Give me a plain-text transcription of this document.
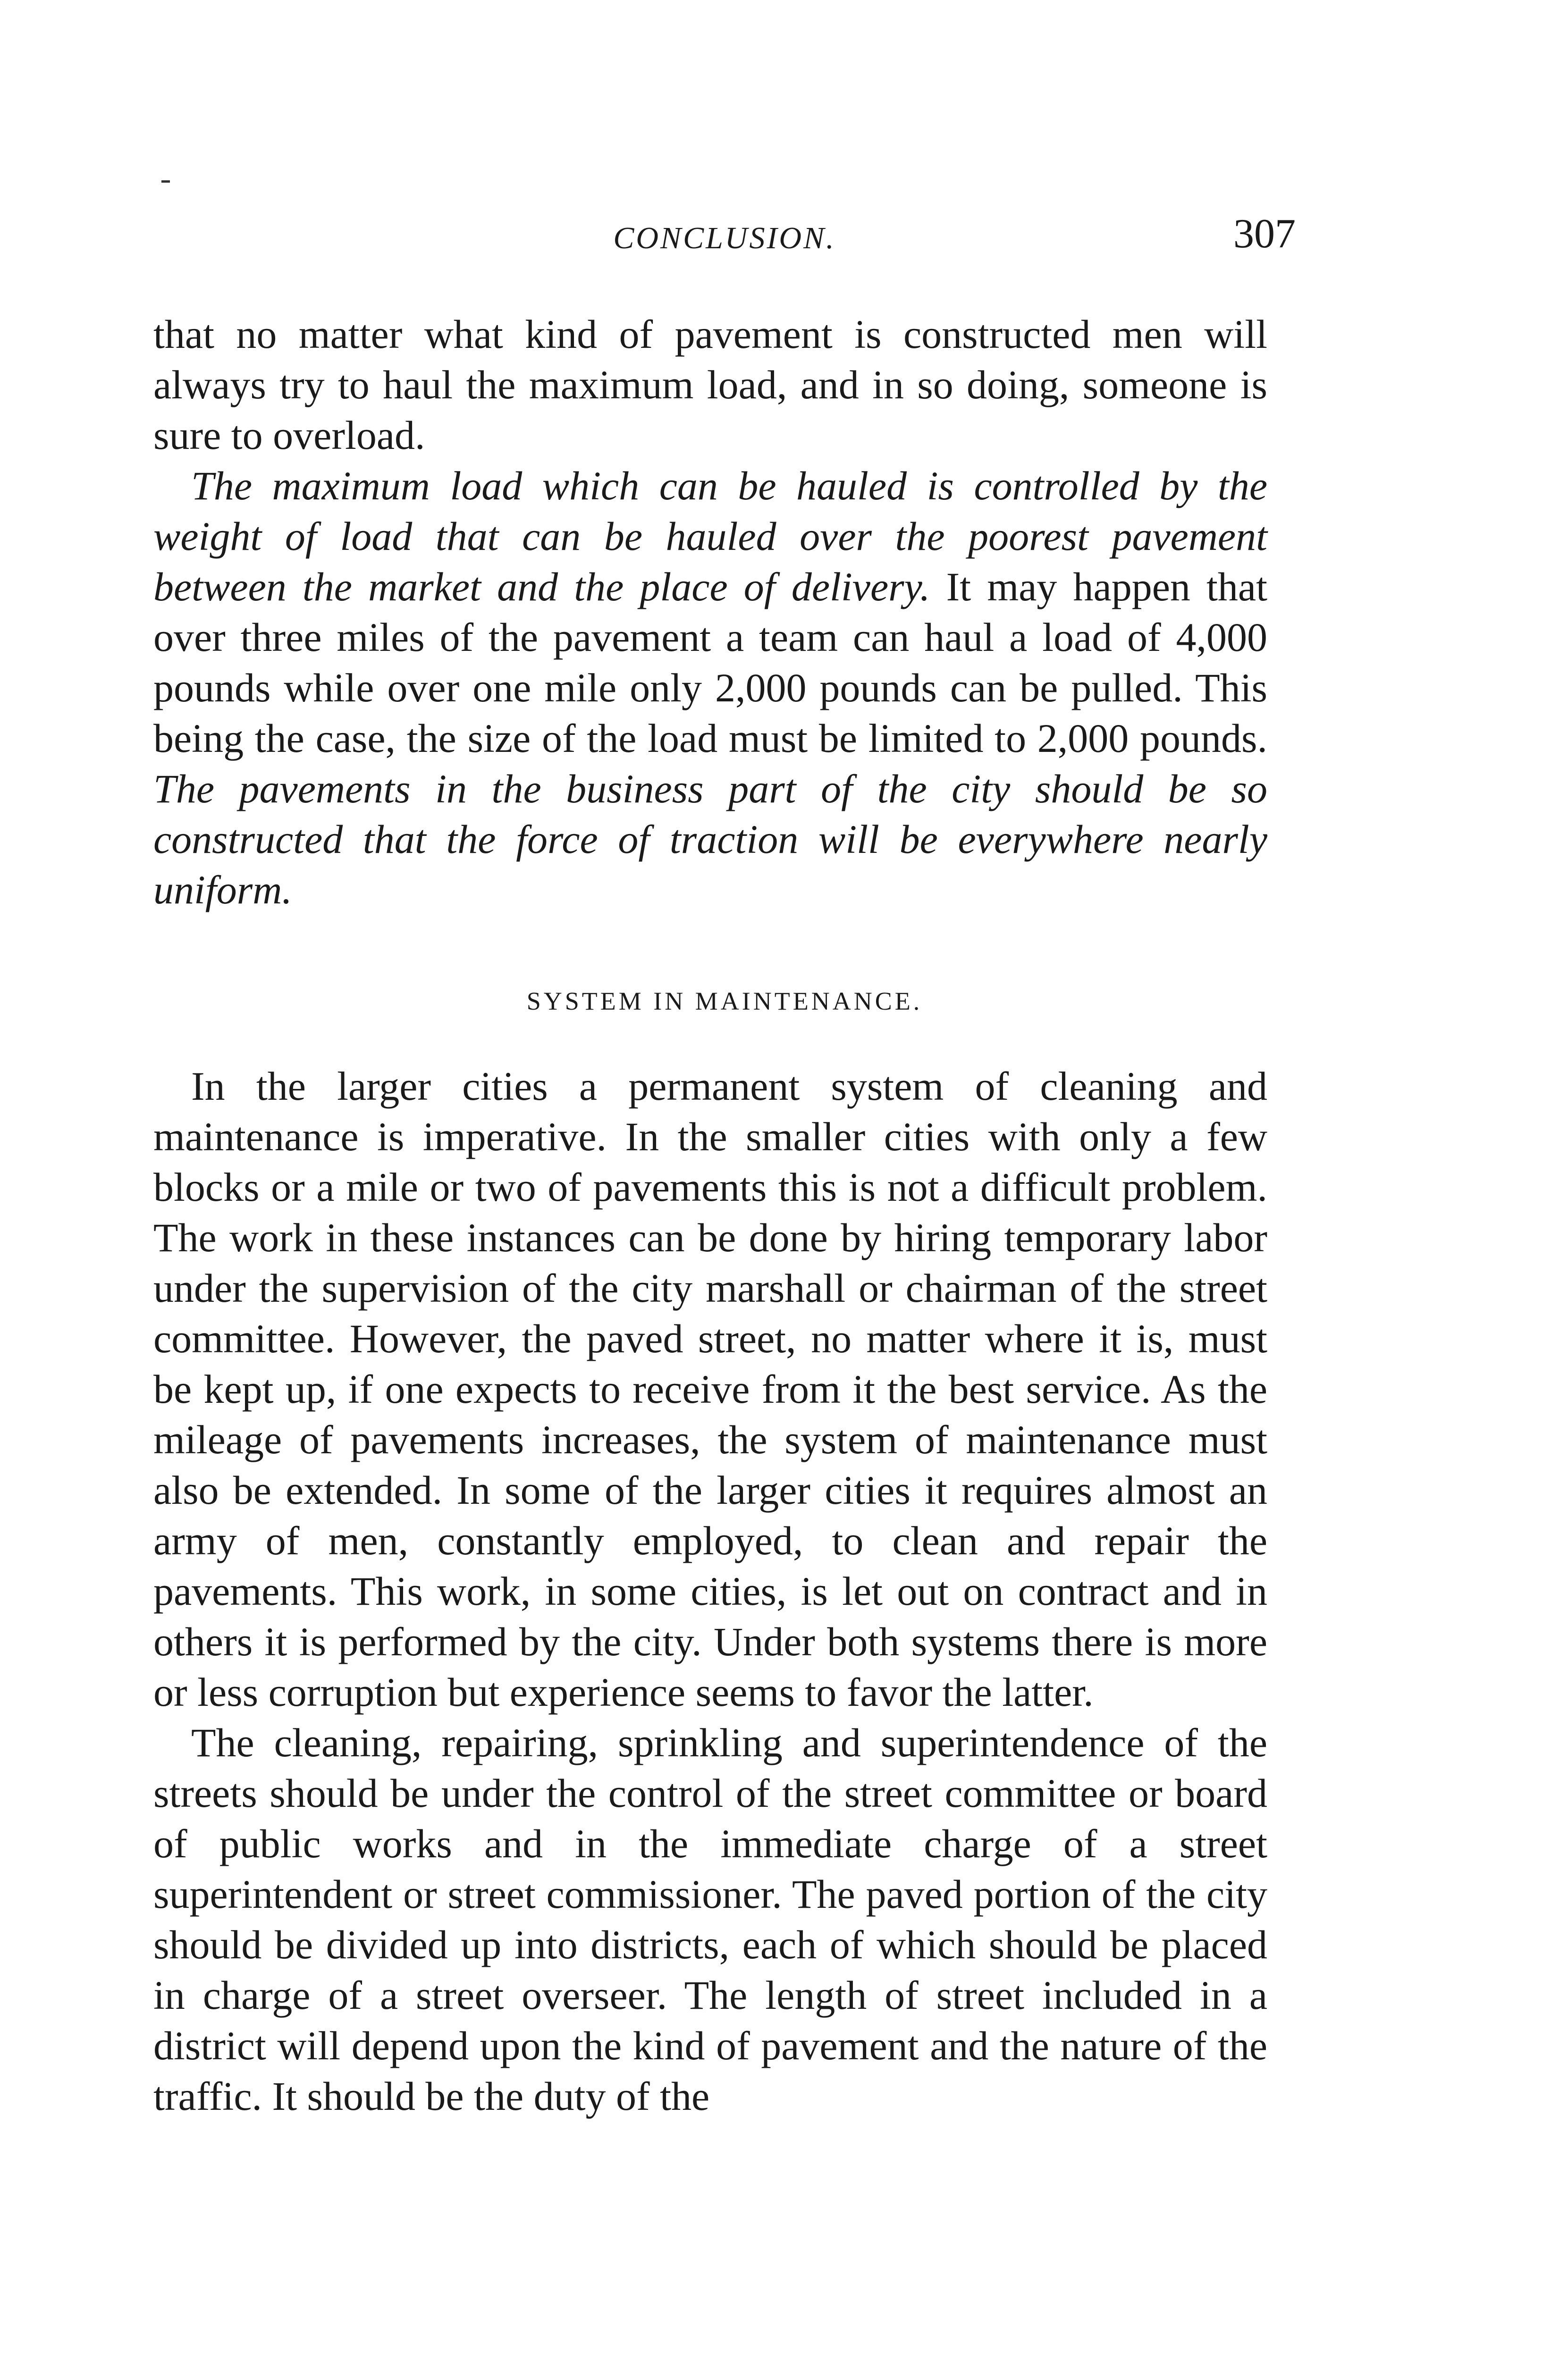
CONCLUSION.	307

that no matter what kind of pavement is constructed men will always try to haul the maximum load, and in so doing, someone is sure to overload.

The maximum load which can be hauled is controlled by the weight of load that can be hauled over the poorest pavement between the market and the place of delivery. It may happen that over three miles of the pavement a team can haul a load of 4,000 pounds while over one mile only 2,000 pounds can be pulled. This being the case, the size of the load must be limited to 2,000 pounds. The pavements in the business part of the city should be so constructed that the force of traction will be everywhere nearly uniform.

SYSTEM IN MAINTENANCE.

In the larger cities a permanent system of cleaning and maintenance is imperative. In the smaller cities with only a few blocks or a mile or two of pavements this is not a difficult problem. The work in these instances can be done by hiring temporary labor under the supervision of the city marshall or chairman of the street committee. However, the paved street, no matter where it is, must be kept up, if one expects to receive from it the best service. As the mileage of pavements increases, the system of maintenance must also be extended. In some of the larger cities it requires almost an army of men, constantly employed, to clean and repair the pavements. This work, in some cities, is let out on contract and in others it is performed by the city. Under both systems there is more or less corruption but experience seems to favor the latter.

The cleaning, repairing, sprinkling and superintendence of the streets should be under the control of the street committee or board of public works and in the immediate charge of a street superintendent or street commissioner. The paved portion of the city should be divided up into districts, each of which should be placed in charge of a street overseer. The length of street included in a district will depend upon the kind of pavement and the nature of the traffic. It should be the duty of the
